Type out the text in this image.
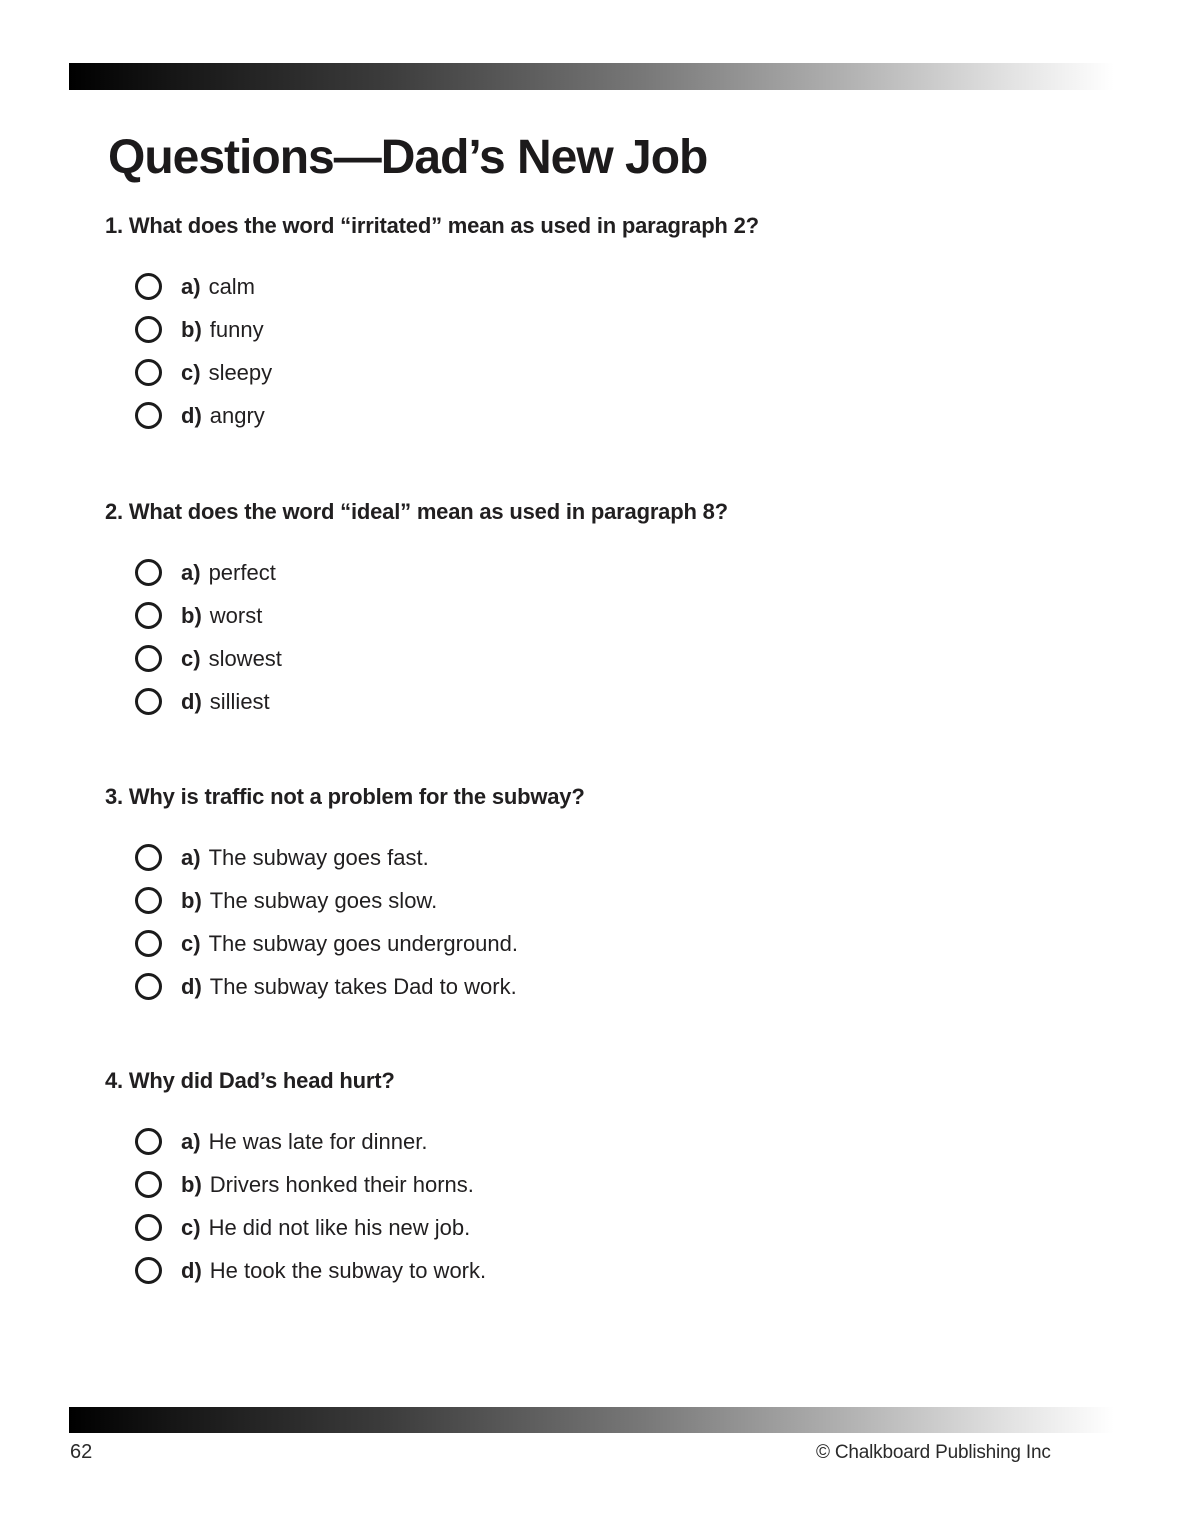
Questions—Dad’s New Job

1. What does the word “irritated” mean as used in paragraph 2?

a) calm
b) funny
c) sleepy
d) angry

2. What does the word “ideal” mean as used in paragraph 8?

a) perfect
b) worst
c) slowest
d) silliest

3. Why is traffic not a problem for the subway?

a) The subway goes fast.
b) The subway goes slow.
c) The subway goes underground.
d) The subway takes Dad to work.

4. Why did Dad’s head hurt?

a) He was late for dinner.
b) Drivers honked their horns.
c) He did not like his new job.
d) He took the subway to work.
62	© Chalkboard Publishing Inc
